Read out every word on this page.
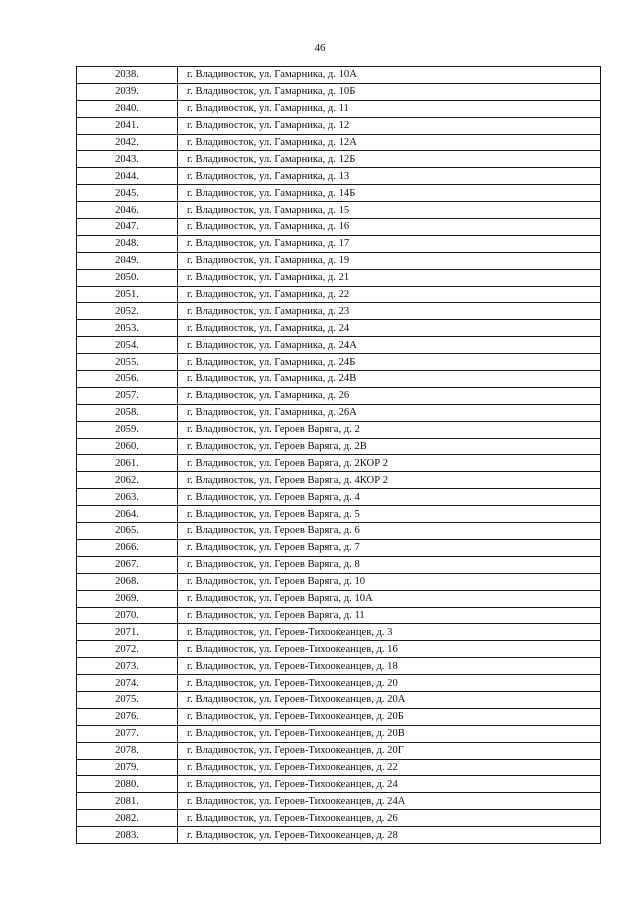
46
2038.	г. Владивосток, ул. Гамарника, д. 10А
2039.	г. Владивосток, ул. Гамарника, д. 10Б
2040.	г. Владивосток, ул. Гамарника, д. 11
2041.	г. Владивосток, ул. Гамарника, д. 12
2042.	г. Владивосток, ул. Гамарника, д. 12А
2043.	г. Владивосток, ул. Гамарника, д. 12Б
2044.	г. Владивосток, ул. Гамарника, д. 13
2045.	г. Владивосток, ул. Гамарника, д. 14Б
2046.	г. Владивосток, ул. Гамарника, д. 15
2047.	г. Владивосток, ул. Гамарника, д. 16
2048.	г. Владивосток, ул. Гамарника, д. 17
2049.	г. Владивосток, ул. Гамарника, д. 19
2050.	г. Владивосток, ул. Гамарника, д. 21
2051.	г. Владивосток, ул. Гамарника, д. 22
2052.	г. Владивосток, ул. Гамарника, д. 23
2053.	г. Владивосток, ул. Гамарника, д. 24
2054.	г. Владивосток, ул. Гамарника, д. 24А
2055.	г. Владивосток, ул. Гамарника, д. 24Б
2056.	г. Владивосток, ул. Гамарника, д. 24В
2057.	г. Владивосток, ул. Гамарника, д. 26
2058.	г. Владивосток, ул. Гамарника, д. 26А
2059.	г. Владивосток, ул. Героев Варяга, д. 2
2060.	г. Владивосток, ул. Героев Варяга, д. 2В
2061.	г. Владивосток, ул. Героев Варяга, д. 2КОР 2
2062.	г. Владивосток, ул. Героев Варяга, д. 4КОР 2
2063.	г. Владивосток, ул. Героев Варяга, д. 4
2064.	г. Владивосток, ул. Героев Варяга, д. 5
2065.	г. Владивосток, ул. Героев Варяга, д. 6
2066.	г. Владивосток, ул. Героев Варяга, д. 7
2067.	г. Владивосток, ул. Героев Варяга, д. 8
2068.	г. Владивосток, ул. Героев Варяга, д. 10
2069.	г. Владивосток, ул. Героев Варяга, д. 10А
2070.	г. Владивосток, ул. Героев Варяга, д. 11
2071.	г. Владивосток, ул. Героев-Тихоокеанцев, д. 3
2072.	г. Владивосток, ул. Героев-Тихоокеанцев, д. 16
2073.	г. Владивосток, ул. Героев-Тихоокеанцев, д. 18
2074.	г. Владивосток, ул. Героев-Тихоокеанцев, д. 20
2075.	г. Владивосток, ул. Героев-Тихоокеанцев, д. 20А
2076.	г. Владивосток, ул. Героев-Тихоокеанцев, д. 20Б
2077.	г. Владивосток, ул. Героев-Тихоокеанцев, д. 20В
2078.	г. Владивосток, ул. Героев-Тихоокеанцев, д. 20Г
2079.	г. Владивосток, ул. Героев-Тихоокеанцев, д. 22
2080.	г. Владивосток, ул. Героев-Тихоокеанцев, д. 24
2081.	г. Владивосток, ул. Героев-Тихоокеанцев, д. 24А
2082.	г. Владивосток, ул. Героев-Тихоокеанцев, д. 26
2083.	г. Владивосток, ул. Героев-Тихоокеанцев, д. 28
